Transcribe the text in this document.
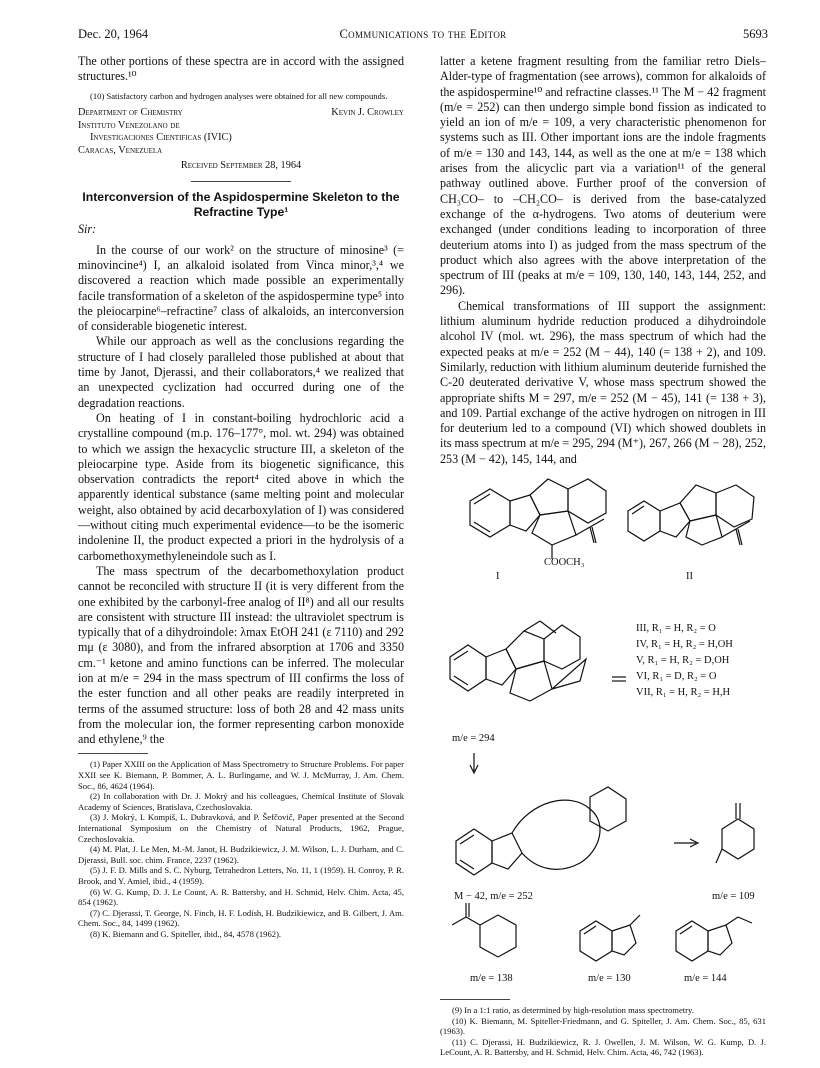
Dec. 20, 1964	Communications to the Editor	5693

The other portions of these spectra are in accord with the assigned structures.¹⁰

(10) Satisfactory carbon and hydrogen analyses were obtained for all new compounds.

Department of Chemistry	Kevin J. Crowley
Instituto Venezolano de
Investigaciones Cientificas (IVIC)
Caracas, Venezuela
Received September 28, 1964

Interconversion of the Aspidospermine Skeleton to the Refractine Type¹

Sir:

In the course of our work² on the structure of minosine³ (= minovincine⁴) I, an alkaloid isolated from Vinca minor,³,⁴ we discovered a reaction which made possible an experimentally facile transformation of a skeleton of the aspidospermine type⁵ into the pleiocarpine⁶–refractine⁷ class of alkaloids, an interconversion of considerable biogenetic interest.

While our approach as well as the conclusions regarding the structure of I had closely paralleled those published at about that time by Janot, Djerassi, and their collaborators,⁴ we realized that an unexpected cyclization had occurred during one of the degradation reactions.

On heating of I in constant-boiling hydrochloric acid a crystalline compound (m.p. 176–177°, mol. wt. 294) was obtained to which we assign the hexacyclic structure III, a skeleton of the pleiocarpine type. Aside from its biogenetic significance, this observation contradicts the report⁴ cited above in which the apparently identical substance (same melting point and molecular weight, also obtained by acid decarboxylation of I) was considered—without citing much experimental evidence—to be the isomeric indolenine II, the product expected a priori in the hydrolysis of a carbomethoxymethyleneindole such as I.

The mass spectrum of the decarbomethoxylation product cannot be reconciled with structure II (it is very different from the one exhibited by the carbonyl-free analog of II⁸) and all our results are consistent with structure III instead: the ultraviolet spectrum is typically that of a dihydroindole: λmax EtOH 241 (ε 7110) and 292 mμ (ε 3080), and from the infrared absorption at 1706 and 3350 cm.⁻¹ ketone and amino functions can be inferred. The molecular ion at m/e = 294 in the mass spectrum of III confirms the loss of the ester function and all other peaks are readily interpreted in terms of the assumed structure: loss of both 28 and 42 mass units from the molecular ion, the former representing carbon monoxide and ethylene,⁹ the

(1) Paper XXIII on the Application of Mass Spectrometry to Structure Problems. For paper XXII see K. Biemann, P. Bommer, A. L. Burlingame, and W. J. McMurray, J. Am. Chem. Soc., 86, 4624 (1964).

(2) In collaboration with Dr. J. Mokrý and his colleagues, Chemical Institute of Slovak Academy of Sciences, Bratislava, Czechoslovakia.

(3) J. Mokrý, I. Kompiš, L. Dubravková, and P. Šefčovič, Paper presented at the Second International Symposium on the Chemistry of Natural Products, 1962, Prague, Czechoslovakia.

(4) M. Plat, J. Le Men, M.-M. Janot, H. Budzikiewicz, J. M. Wilson, L. J. Durham, and C. Djerassi, Bull. soc. chim. France, 2237 (1962).

(5) J. F. D. Mills and S. C. Nyburg, Tetrahedron Letters, No. 11, 1 (1959). H. Conroy, P. R. Brook, and Y. Amiel, ibid., 4 (1959).

(6) W. G. Kump, D. J. Le Count, A. R. Battersby, and H. Schmid, Helv. Chim. Acta, 45, 854 (1962).

(7) C. Djerassi, T. George, N. Finch, H. F. Lodish, H. Budzikiewicz, and B. Gilbert, J. Am. Chem. Soc., 84, 1499 (1962).

(8) K. Biemann and G. Spiteller, ibid., 84, 4578 (1962).

latter a ketene fragment resulting from the familiar retro Diels–Alder-type of fragmentation (see arrows), common for alkaloids of the aspidospermine¹⁰ and refractine classes.¹¹ The M − 42 fragment (m/e = 252) can then undergo simple bond fission as indicated to yield an ion of m/e = 109, a very characteristic phenomenon for systems such as III. Other important ions are the indole fragments of m/e = 130 and 143, 144, as well as the one at m/e = 138 which arises from the alicyclic part via a variation¹¹ of the general pathway outlined above. Further proof of the conversion of CH₃CO– to –CH₂CO– is derived from the base-catalyzed exchange of the α-hydrogens. Two atoms of deuterium were exchanged (under conditions leading to incorporation of three deuterium atoms into I) as judged from the mass spectrum of the product which also agrees with the above interpretation of the spectrum of III (peaks at m/e = 109, 130, 140, 143, 144, 252, and 296).

Chemical transformations of III support the assignment: lithium aluminum hydride reduction produced a dihydroindole alcohol IV (mol. wt. 296), the mass spectrum of which had the expected peaks at m/e = 252 (M − 44), 140 (= 138 + 2), and 109. Similarly, reduction with lithium aluminum deuteride furnished the C-20 deuterated derivative V, whose mass spectrum showed the appropriate shifts M = 297, m/e = 252 (M − 45), 141 (= 138 + 3), and 109. Partial exchange of the active hydrogen on nitrogen in III for deuterium led to a compound (VI) which showed doublets in its mass spectrum at m/e = 295, 294 (M⁺), 267, 266 (M − 28), 252, 253 (M − 42), 145, 144, and

COOCH₃
I	II
III, R₁ = H, R₂ = O
IV, R₁ = H, R₂ = H,OH
V, R₁ = H, R₂ = D,OH
VI, R₁ = D, R₂ = O
VII, R₁ = H, R₂ = H,H
m/e = 294
M − 42, m/e = 252	m/e = 109
m/e = 138	m/e = 130	m/e = 144

(9) In a 1:1 ratio, as determined by high-resolution mass spectrometry.

(10) K. Biemann, M. Spiteller-Friedmann, and G. Spiteller, J. Am. Chem. Soc., 85, 631 (1963).

(11) C. Djerassi, H. Budzikiewicz, R. J. Owellen, J. M. Wilson, W. G. Kump, D. J. LeCount, A. R. Battersby, and H. Schmid, Helv. Chim. Acta, 46, 742 (1963).
